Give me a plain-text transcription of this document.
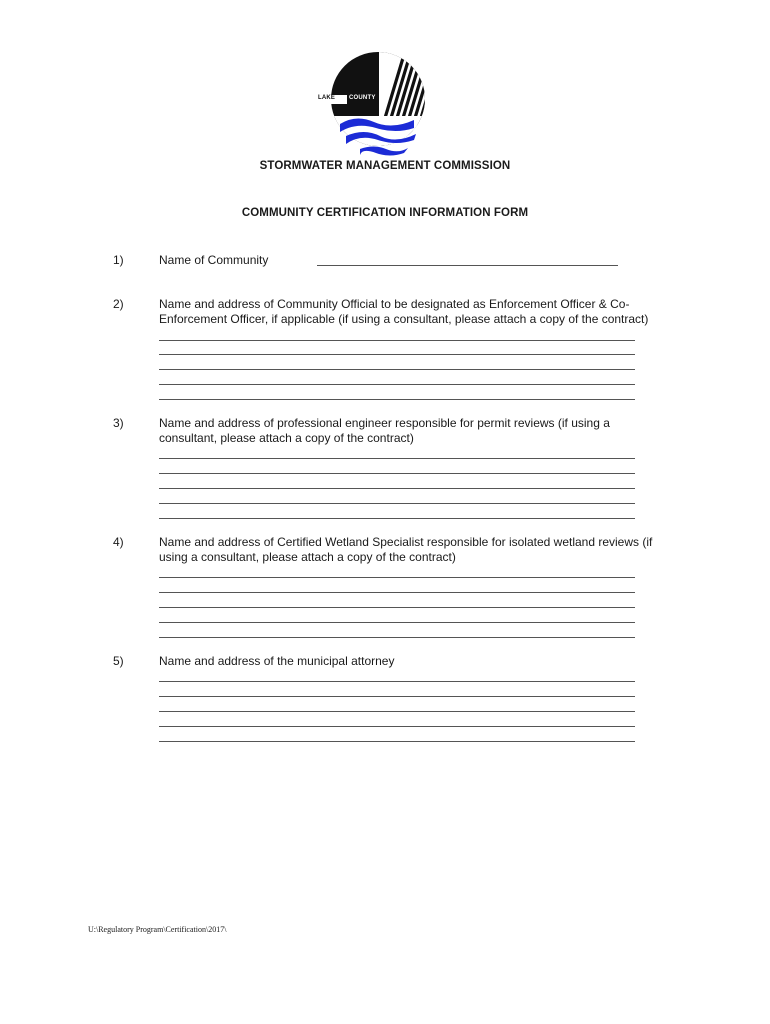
LAKE COUNTY
STORMWATER MANAGEMENT COMMISSION
COMMUNITY CERTIFICATION INFORMATION FORM
1)	Name of Community
2)	Name and address of Community Official to be designated as Enforcement Officer & Co-
Enforcement Officer, if applicable (if using a consultant, please attach a copy of the contract)
3)	Name and address of professional engineer responsible for permit reviews (if using a
consultant, please attach a copy of the contract)
4)	Name and address of Certified Wetland Specialist responsible for isolated wetland reviews (if
using a consultant, please attach a copy of the contract)
5)	Name and address of the municipal attorney
U:\Regulatory Program\Certification\2017\
